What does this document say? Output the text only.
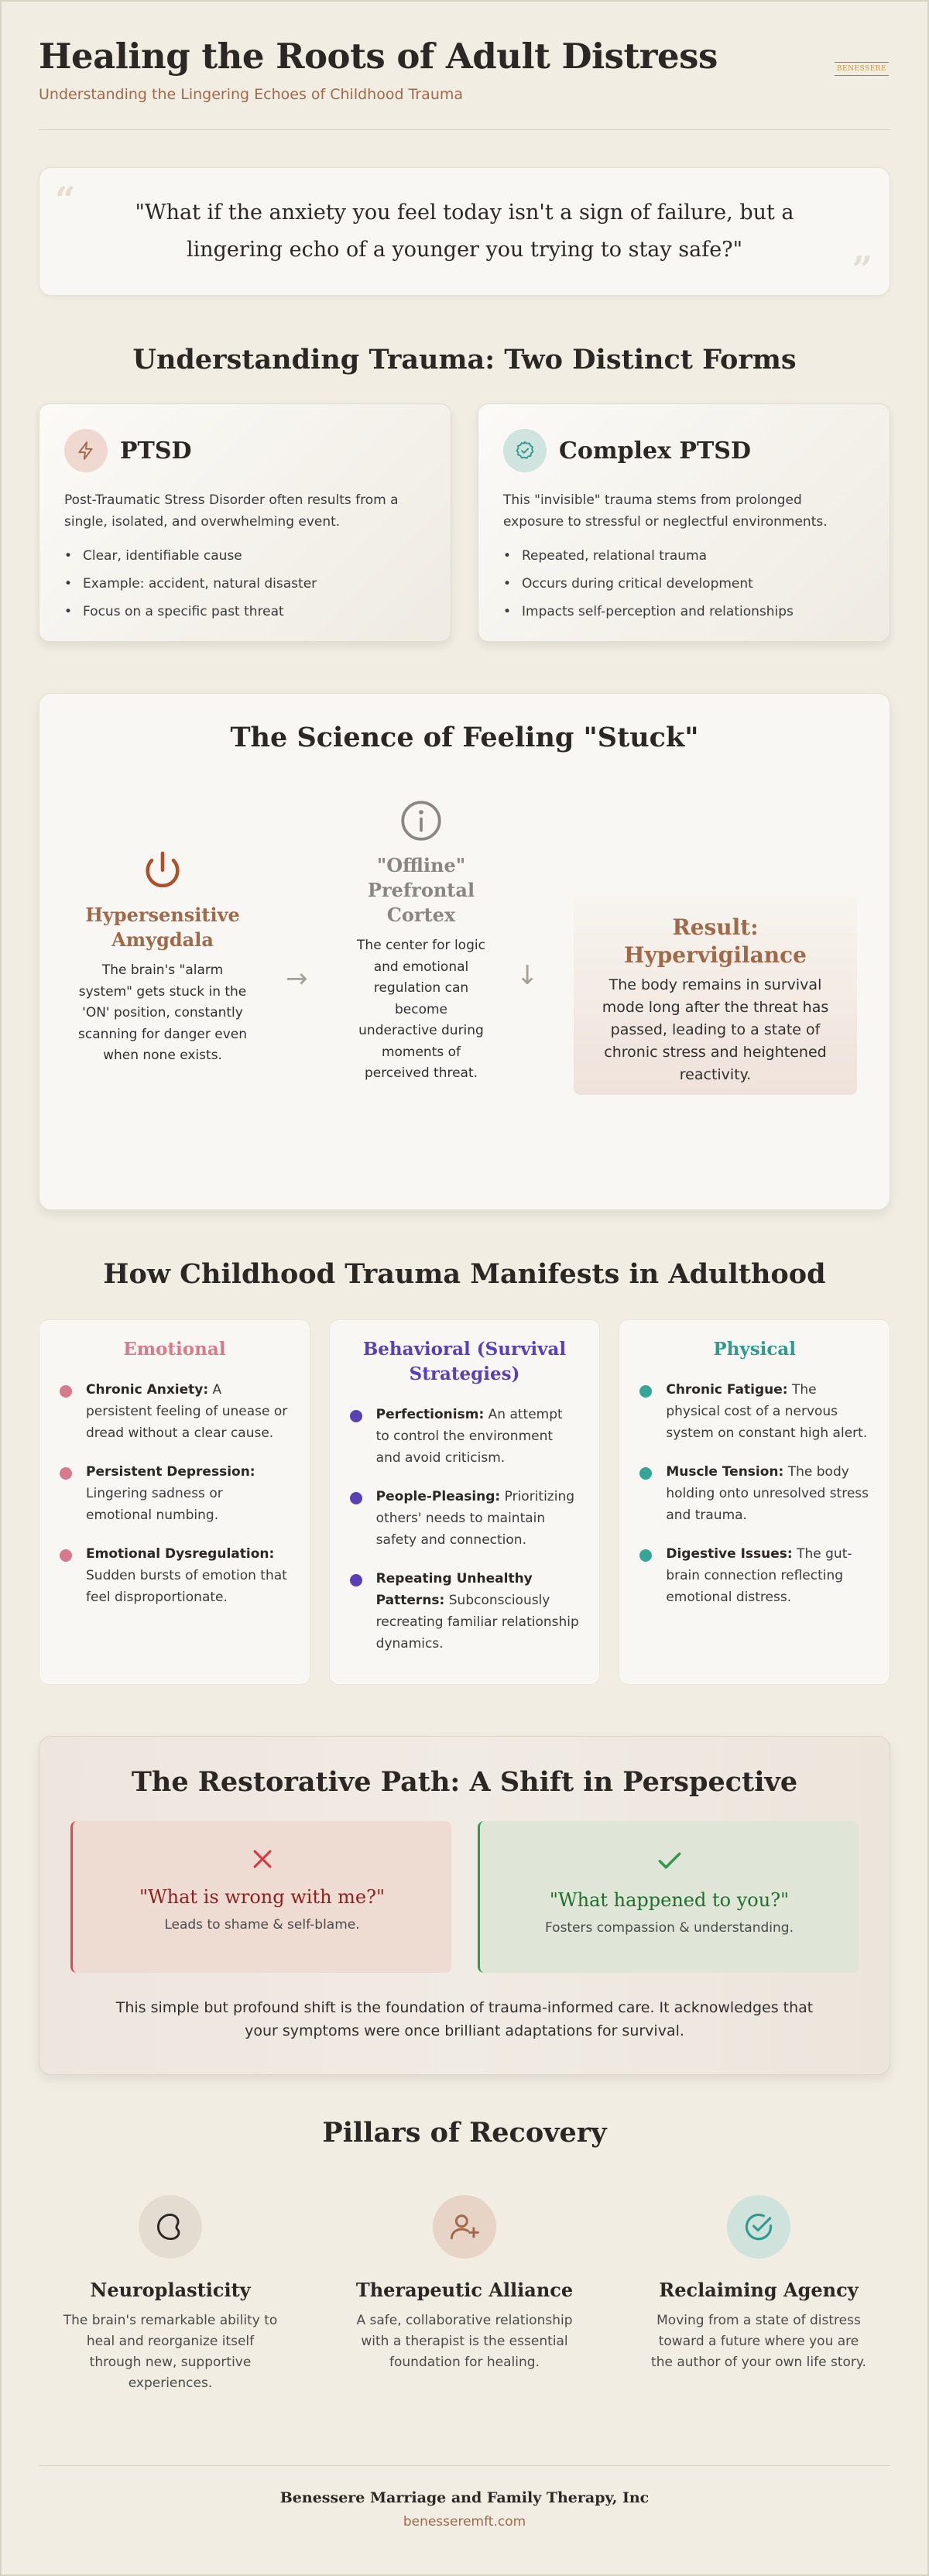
Healing the Roots of Adult Distress
Understanding the Lingering Echoes of Childhood Trauma
BENESSERE
“	"What if the anxiety you feel today isn't a sign of failure, but a lingering echo of a younger you trying to stay safe?"	”
Understanding Trauma: Two Distinct Forms
PTSD

Post-Traumatic Stress Disorder often results from a single, isolated, and overwhelming event.

• Clear, identifiable cause
• Example: accident, natural disaster
• Focus on a specific past threat
Complex PTSD

This "invisible" trauma stems from prolonged exposure to stressful or neglectful environments.

• Repeated, relational trauma
• Occurs during critical development
• Impacts self-perception and relationships
The Science of Feeling "Stuck"
Hypersensitive Amygdala

The brain's "alarm system" gets stuck in the 'ON' position, constantly scanning for danger even when none exists.

→
"Offline" Prefrontal Cortex

The center for logic and emotional regulation can become underactive during moments of perceived threat.

↓
Result: Hypervigilance

The body remains in survival mode long after the threat has passed, leading to a state of chronic stress and heightened reactivity.

How Childhood Trauma Manifests in Adulthood
Emotional
Chronic Anxiety: A persistent feeling of unease or dread without a clear cause.
Persistent Depression: Lingering sadness or emotional numbing.
Emotional Dysregulation: Sudden bursts of emotion that feel disproportionate.
Behavioral (Survival Strategies)
Perfectionism: An attempt to control the environment and avoid criticism.
People-Pleasing: Prioritizing others' needs to maintain safety and connection.
Repeating Unhealthy Patterns: Subconsciously recreating familiar relationship dynamics.
Physical
Chronic Fatigue: The physical cost of a nervous system on constant high alert.
Muscle Tension: The body holding onto unresolved stress and trauma.
Digestive Issues: The gut-brain connection reflecting emotional distress.
The Restorative Path: A Shift in Perspective
"What is wrong with me?"
Leads to shame & self-blame.
"What happened to you?"
Fosters compassion & understanding.

This simple but profound shift is the foundation of trauma-informed care. It acknowledges that your symptoms were once brilliant adaptations for survival.

Pillars of Recovery
Neuroplasticity

The brain's remarkable ability to heal and reorganize itself through new, supportive experiences.

Therapeutic Alliance

A safe, collaborative relationship with a therapist is the essential foundation for healing.

Reclaiming Agency

Moving from a state of distress toward a future where you are the author of your own life story.

Benessere Marriage and Family Therapy, Inc
benesseremft.com
